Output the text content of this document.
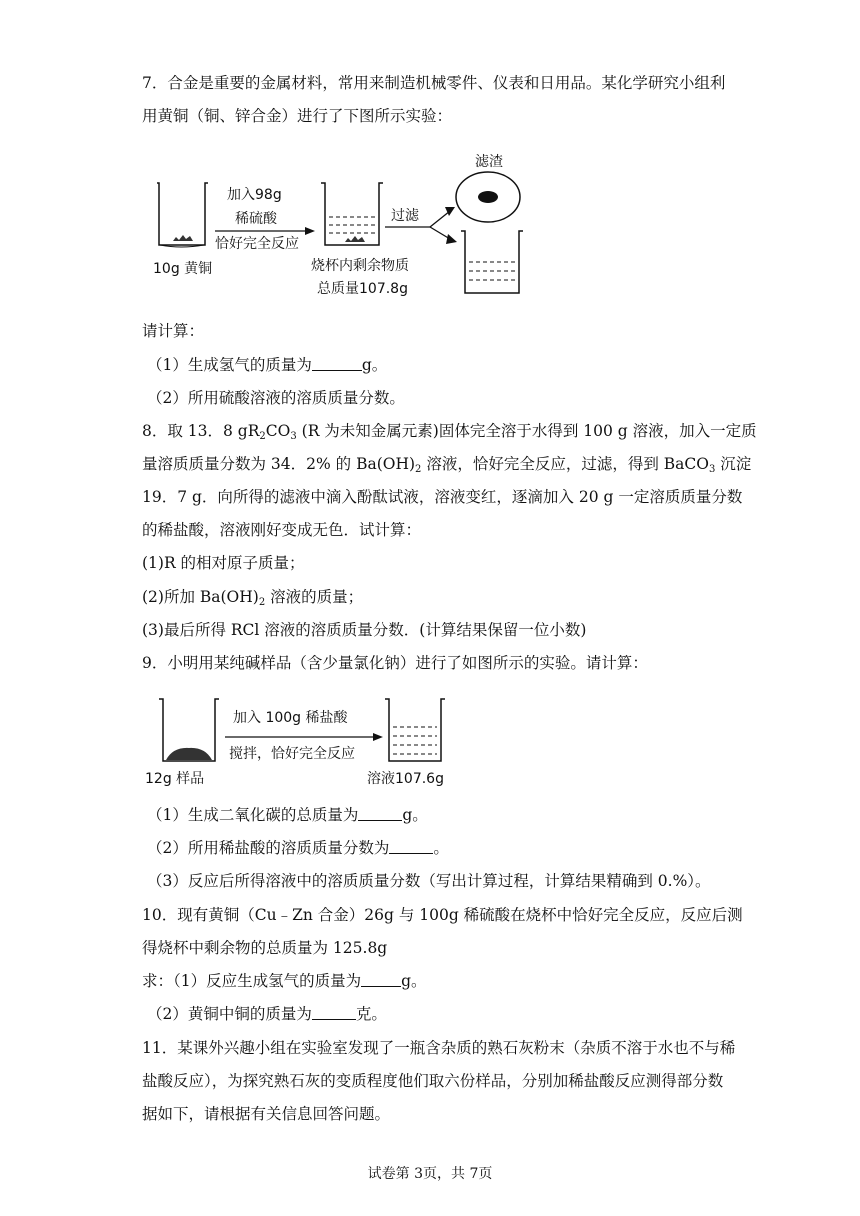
7．合金是重要的金属材料，常用来制造机械零件、仪表和日用品。某化学研究小组利
用黄铜（铜、锌合金）进行了下图所示实验：
滤渣
加入98g
稀硫酸
恰好完全反应
过滤
10g 黄铜	烧杯内剩余物质
总质量107.8g
请计算：
（1）生成氢气的质量为	g。
（2）所用硫酸溶液的溶质质量分数。
8．取 13．8 $gR_2CO_3$ (R 为未知金属元素)固体完全溶于水得到 100 g 溶液，加入一定质
量溶质质量分数为 34．2% 的 $Ba(OH)_2$ 溶液，恰好完全反应，过滤，得到 BaCO$_3$ 沉淀
19．7 g．向所得的滤液中滴入酚酞试液，溶液变红，逐滴加入 20 g 一定溶质质量分数
的稀盐酸，溶液刚好变成无色．试计算：
(1)R 的相对原子质量；
(2)所加 $Ba(OH)_2$ 溶液的质量；
(3)最后所得 RCl 溶液的溶质质量分数．(计算结果保留一位小数)
9．小明用某纯碱样品（含少量氯化钠）进行了如图所示的实验。请计算：
加入 100g 稀盐酸
搅拌，恰好完全反应
12g 样品	溶液107.6g
（1）生成二氧化碳的总质量为	g。
（2）所用稀盐酸的溶质质量分数为	。
（3）反应后所得溶液中的溶质质量分数（写出计算过程，计算结果精确到 0.%）。
10．现有黄铜（Cu﹣Zn 合金）26g 与 100g 稀硫酸在烧杯中恰好完全反应，反应后测
得烧杯中剩余物的总质量为 125.8g
求：（1）反应生成氢气的质量为	g。
（2）黄铜中铜的质量为	克。
11．某课外兴趣小组在实验室发现了一瓶含杂质的熟石灰粉末（杂质不溶于水也不与稀
盐酸反应），为探究熟石灰的变质程度他们取六份样品，分别加稀盐酸反应测得部分数
据如下，请根据有关信息回答问题。
试卷第 3页，共 7页
